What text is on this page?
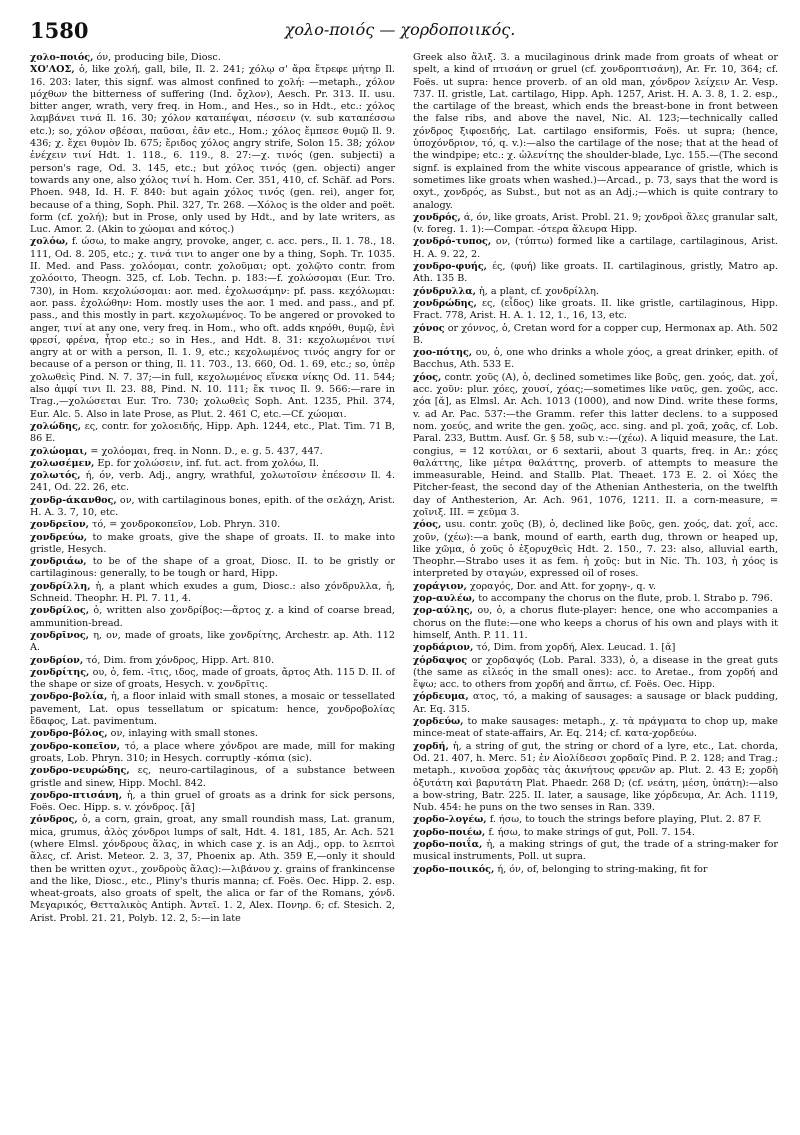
1580	χολο-ποιός — χορδοποιικός.

χολο-ποιός, όν, producing bile, Diosc.

ΧΟ'ΛΟΣ, ὁ, like χολή, gall, bile, Il. 2. 241; χόλῳ σ' ἄρα ἔτρεφε μήτηρ Il. 16. 203: later, this signf. was almost confined to χολή: —metaph., χόλον μόχθων the bitterness of suffering (Ind. ὄχλον), Aesch. Pr. 313. II. usu. bitter anger, wrath, very freq. in Hom., and Hes., so in Hdt., etc.: χόλος λαμβάνει τινά Il. 16. 30; χόλον καταπέψαι, πέσσειν (v. sub καταπέσσω etc.); so, χόλον σβέσαι, παῦσαι, ἐᾶν etc., Hom.; χόλος ἔμπεσε θυμῷ Il. 9. 436; χ. ἔχει θυμὸν Ib. 675; ἔριδος χόλος angry strife, Solon 15. 38; χόλον ἐνέχειν τινί Hdt. 1. 118., 6. 119., 8. 27:—χ. τινός (gen. subjecti) a person's rage, Od. 3. 145, etc.; but χόλος τινός (gen. objecti) anger towards any one, also χόλος τινί h. Hom. Cer. 351, 410, cf. Schäf. ad Pors. Phoen. 948, Id. H. F. 840: but again χόλος τινός (gen. rei), anger for, because of a thing, Soph. Phil. 327, Tr. 268. —Χόλος is the older and poët. form (cf. χολή); but in Prose, only used by Hdt., and by late writers, as Luc. Amor. 2. (Akin to χώομαι and κότος.)

χολόω, f. ώσω, to make angry, provoke, anger, c. acc. pers., Il. 1. 78., 18. 111, Od. 8. 205, etc.; χ. τινά τινι to anger one by a thing, Soph. Tr. 1035. II. Med. and Pass. χολόομαι, contr. χολοῦμαι; opt. χολῷτο contr. from χολόοιτο, Theogn. 325, cf. Lob. Techn. p. 183:—f. χολώσομαι (Eur. Tro. 730), in Hom. κεχολώσομαι: aor. med. ἐχολωσάμην: pf. pass. κεχόλωμαι: aor. pass. ἐχολώθην: Hom. mostly uses the aor. 1 med. and pass., and pf. pass., and this mostly in part. κεχολωμένος. To be angered or provoked to anger, τινί at any one, very freq. in Hom., who oft. adds κηρόθι, θυμῷ, ἐνὶ φρεσί, φρένα, ἦτορ etc.; so in Hes., and Hdt. 8. 31: κεχολωμένοι τινί angry at or with a person, Il. 1. 9, etc.; κεχολωμένος τινός angry for or because of a person or thing, Il. 11. 703., 13. 660, Od. 1. 69, etc.; so, ὑπὲρ χολωθεὶς Pind. N. 7. 37;—in full, κεχολωμένος εἵνεκα νίκης Od. 11. 544; also ἀμφί τινι Il. 23. 88, Pind. N. 10. 111; ἔκ τινος Il. 9. 566:—rare in Trag.,—χολώσεται Eur. Tro. 730; χολωθεὶς Soph. Ant. 1235, Phil. 374, Eur. Alc. 5. Also in late Prose, as Plut. 2. 461 C, etc.—Cf. χώομαι.

χολώδης, ες, contr. for χολοειδής, Hipp. Aph. 1244, etc., Plat. Tim. 71 B, 86 E.

χολώομαι, = χολόομαι, freq. in Nonn. D., e. g. 5. 437, 447.

χολωσέμεν, Ep. for χολώσειν, inf. fut. act. from χολόω, Il.

χολωτός, ή, όν, verb. Adj., angry, wrathful, χολωτοῖσιν ἐπέεσσιν Il. 4. 241, Od. 22. 26, etc.

χονδρ-άκανθος, ον, with cartilaginous bones, epith. of the σελάχη, Arist. H. A. 3. 7, 10, etc.

χονδρεῖον, τό, = χονδροκοπεῖον, Lob. Phryn. 310.

χονδρεύω, to make groats, give the shape of groats. II. to make into gristle, Hesych.

χονδριάω, to be of the shape of a groat, Diosc. II. to be gristly or cartilaginous: generally, to be tough or hard, Hipp.

χονδρίλλη, ἡ, a plant which exudes a gum, Diosc.: also χόνδρυλλα, ἡ, Schneid. Theophr. H. Pl. 7. 11, 4.

χονδρίλος, ὁ, written also χονδρίβος:—ἄρτος χ. a kind of coarse bread, ammunition-bread.

χονδρῖνος, η, ον, made of groats, like χονδρίτης, Archestr. ap. Ath. 112 A.

χονδρίον, τό, Dim. from χόνδρος, Hipp. Art. 810.

χονδρίτης, ου, ὁ, fem. -ῖτις, ιδος, made of groats, ἄρτος Ath. 115 D. II. of the shape or size of groats, Hesych. v. χονδρῖτις.

χονδρο-βολία, ἡ, a floor inlaid with small stones, a mosaic or tessellated pavement, Lat. opus tessellatum or spicatum: hence, χονδροβολίας ἔδαφος, Lat. pavimentum.

χονδρο-βόλος, ον, inlaying with small stones.

χονδρο-κοπεῖον, τό, a place where χόνδροι are made, mill for making groats, Lob. Phryn. 310; in Hesych. corruptly -κόπια (sic).

χονδρο-νευρώδης, ες, neuro-cartilaginous, of a substance between gristle and sinew, Hipp. Mochl. 842.

χονδρο-πτισάνη, ἡ, a thin gruel of groats as a drink for sick persons, Foës. Oec. Hipp. s. v. χόνδρος. [ᾰ]

χόνδρος, ὁ, a corn, grain, groat, any small roundish mass, Lat. granum, mica, grumus, ἁλὸς χόνδροι lumps of salt, Hdt. 4. 181, 185, Ar. Ach. 521 (where Elmsl. χόνδρους ἅλας, in which case χ. is an Adj., opp. to λεπτοὶ ἅλες, cf. Arist. Meteor. 2. 3, 37, Phoenix ap. Ath. 359 E,—only it should then be written οχυτ., χονδροὺς ἅλας):—λιβάνου χ. grains of frankincense and the like, Diosc., etc., Pliny's thuris manna; cf. Foës. Oec. Hipp. 2. esp. wheat-groats, also groats of spelt, the alica or far of the Romans, χόνδ. Μεγαρικός, Θετταλικὸς Antiph. Ἀντεῖ. 1. 2, Alex. Πονηρ. 6; cf. Stesich. 2, Arist. Probl. 21. 21, Polyb. 12. 2, 5:—in late

Greek also ἄλιξ. 3. a mucilaginous drink made from groats of wheat or spelt, a kind of πτισάνη or gruel (cf. χονδροπτισάνη), Ar. Fr. 10, 364; cf. Foës. ut supra: hence proverb. of an old man, χόνδρον λείχειν Ar. Vesp. 737. II. gristle, Lat. cartilago, Hipp. Aph. 1257, Arist. H. A. 3. 8, 1. 2. esp., the cartilage of the breast, which ends the breast-bone in front between the false ribs, and above the navel, Nic. Al. 123;—technically called χόνδρος ξιφοειδής, Lat. cartilago ensiformis, Foës. ut supra; (hence, ὑποχόνδριον, τό, q. v.):—also the cartilage of the nose; that at the head of the windpipe; etc.: χ. ὠλενίτης the shoulder-blade, Lyc. 155.—(The second signf. is explained from the white viscous appearance of gristle, which is sometimes like groats when washed.)—Arcad., p. 73, says that the word is oxyt., χονδρός, as Subst., but not as an Adj.;—which is quite contrary to analogy.

χονδρός, ά, όν, like groats, Arist. Probl. 21. 9; χονδροὶ ἅλες granular salt, (v. foreg. 1. 1):—Compar. -ότερα ἄλευρα Hipp.

χονδρό-τυπος, ον, (τύπτω) formed like a cartilage, cartilaginous, Arist. H. A. 9. 22, 2.

χονδρο-φυής, ές, (φυή) like groats. II. cartilaginous, gristly, Matro ap. Ath. 135 B.

χόνδρυλλα, ἡ, a plant, cf. χονδρίλλη.

χονδρώδης, ες, (εἶδος) like groats. II. like gristle, cartilaginous, Hipp. Fract. 778, Arist. H. A. 1. 12, 1., 16, 13, etc.

χόνος or χόννος, ὁ, Cretan word for a copper cup, Hermonax ap. Ath. 502 B.

χοο-πότης, ου, ὁ, one who drinks a whole χόος, a great drinker, epith. of Bacchus, Ath. 533 E.

χόος, contr. χοῦς (A), ὁ, declined sometimes like βοῦς, gen. χοός, dat. χοΐ, acc. χοῦν: plur. χόες, χουσί, χόας;—sometimes like ναῦς, gen. χοῶς, acc. χόα [ᾰ], as Elmsl. Ar. Ach. 1013 (1000), and now Dind. write these forms, v. ad Ar. Pac. 537:—the Gramm. refer this latter declens. to a supposed nom. χοεύς, and write the gen. χοῶς, acc. sing. and pl. χοᾶ, χοᾶς, cf. Lob. Paral. 233, Buttm. Ausf. Gr. § 58, sub v.:—(χέω). A liquid measure, the Lat. congius, = 12 κοτύλαι, or 6 sextarii, about 3 quarts, freq. in Ar.: χόες θαλάττης, like μέτρα θαλάττης, proverb. of attempts to measure the immeasurable, Heind. and Stallb. Plat. Theaet. 173 E. 2. οἱ Χόες the Pitcher-feast, the second day of the Athenian Anthesteria, on the twelfth day of Anthesterion, Ar. Ach. 961, 1076, 1211. II. a corn-measure, = χοῖνιξ. III. = χεῦμα 3.

χόος, usu. contr. χοῦς (B), ὁ, declined like βοῦς, gen. χοός, dat. χοΐ, acc. χοῦν, (χέω):—a bank, mound of earth, earth dug, thrown or heaped up, like χῶμα, ὁ χοῦς ὁ ἐξορυχθεὶς Hdt. 2. 150., 7. 23: also, alluvial earth, Theophr.—Strabo uses it as fem. ἡ χοῦς: but in Nic. Th. 103, ἡ χόος is interpreted by σταγών, expressed oil of roses.

χοράγιον, χοραγός, Dor. and Att. for χορηγ-, q. v.

χορ-αυλέω, to accompany the chorus on the flute, prob. l. Strabo p. 796.

χορ-αύλης, ου, ὁ, a chorus flute-player: hence, one who accompanies a chorus on the flute:—one who keeps a chorus of his own and plays with it himself, Anth. P. 11. 11.

χορδάριον, τό, Dim. from χορδή, Alex. Leucad. 1. [ᾰ]

χόρδαψος or χορδαψός (Lob. Paral. 333), ὁ, a disease in the great guts (the same as εἰλεός in the small ones): acc. to Aretae., from χορδή and ἕψω; acc. to others from χορδή and ἅπτω, cf. Foës. Oec. Hipp.

χόρδευμα, ατος, τό, a making of sausages: a sausage or black pudding, Ar. Eq. 315.

χορδεύω, to make sausages: metaph., χ. τὰ πράγματα to chop up, make mince-meat of state-affairs, Ar. Eq. 214; cf. κατα-χορδεύω.

χορδή, ἡ, a string of gut, the string or chord of a lyre, etc., Lat. chorda, Od. 21. 407, h. Merc. 51; ἐν Αἰολίδεσσι χορδαῖς Pind. P. 2. 128; and Trag.; metaph., κινοῦσα χορδὰς τὰς ἀκινήτους φρενῶν ap. Plut. 2. 43 E; χορδὴ ὀξυτάτη καὶ βαρυτάτη Plat. Phaedr. 268 D; (cf. νεάτη, μέση, ὑπάτη):—also a bow-string, Batr. 225. II. later, a sausage, like χόρδευμα, Ar. Ach. 1119, Nub. 454: he puns on the two senses in Ran. 339.

χορδο-λογέω, f. ήσω, to touch the strings before playing, Plut. 2. 87 F.

χορδο-ποιέω, f. ήσω, to make strings of gut, Poll. 7. 154.

χορδο-ποιΐα, ἡ, a making strings of gut, the trade of a string-maker for musical instruments, Poll. ut supra.

χορδο-ποιικός, ή, όν, of, belonging to string-making, fit for
